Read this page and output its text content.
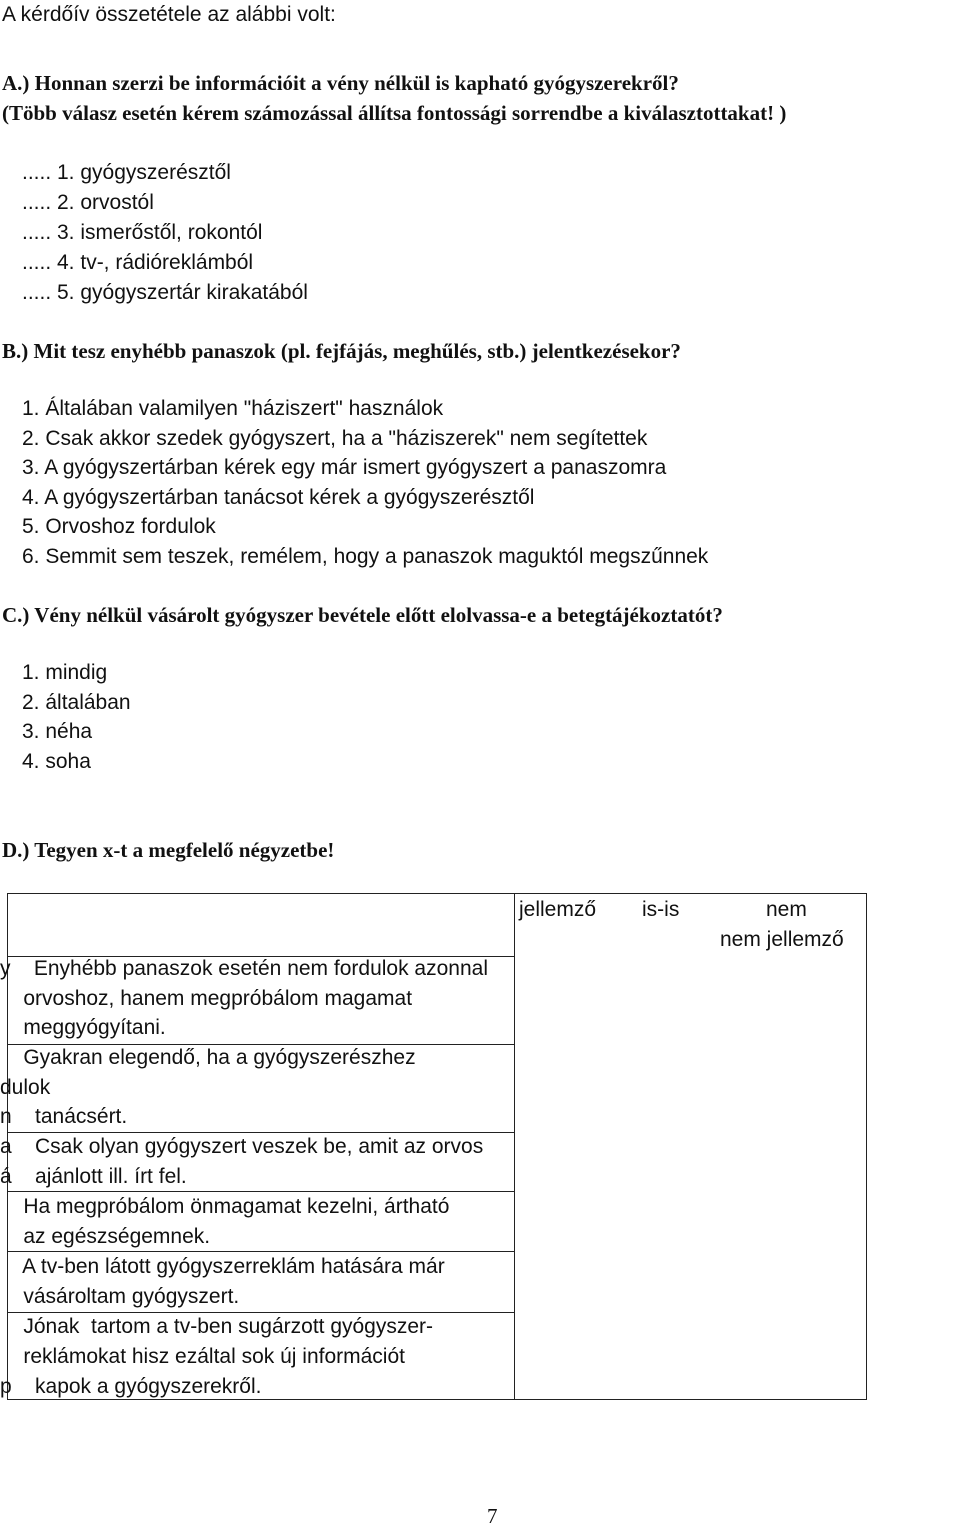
A kérdőív összetétele az alábbi volt:
A.) Honnan szerzi be információit a vény nélkül is kapható gyógyszerekről?
(Több válasz esetén kérem számozással állítsa fontossági sorrendbe a kiválasztottakat! )
..... 1. gyógyszerésztől
..... 2. orvostól
..... 3. ismerőstől, rokontól
..... 4. tv-, rádióreklámból
..... 5. gyógyszertár kirakatából
B.) Mit tesz enyhébb panaszok (pl. fejfájás, meghűlés, stb.) jelentkezésekor?
1. Általában valamilyen "háziszert" használok
2. Csak akkor szedek gyógyszert, ha a "háziszerek" nem segítettek
3. A gyógyszertárban kérek egy már ismert gyógyszert a panaszomra
4. A gyógyszertárban tanácsot kérek a gyógyszerésztől
5. Orvoshoz fordulok
6. Semmit sem teszek, remélem, hogy a panaszok maguktól megszűnnek
C.) Vény nélkül vásárolt gyógyszer bevétele előtt elolvassa-e a betegtájékoztatót?
1. mindig
2. általában
3. néha
4. soha
D.) Tegyen x-t a megfelelő négyzetbe!
jellemző is-is	nem
nem jellemző
y    Enyhébb panaszok esetén nem fordulok azonnal
orvoshoz, hanem megpróbálom magamat
meggyógyítani.
Gyakran elegendő, ha a gyógyszerészhez
dulok
n    tanácsért.
a    Csak olyan gyógyszert veszek be, amit az orvos
á    ajánlott ill. írt fel.
Ha megpróbálom önmagamat kezelni, ártható
az egészségemnek.
A tv-ben látott gyógyszerreklám hatására már
vásároltam gyógyszert.
Jónak  tartom a tv-ben sugárzott gyógyszer-
reklámokat hisz ezáltal sok új információt
p    kapok a gyógyszerekről.
7
